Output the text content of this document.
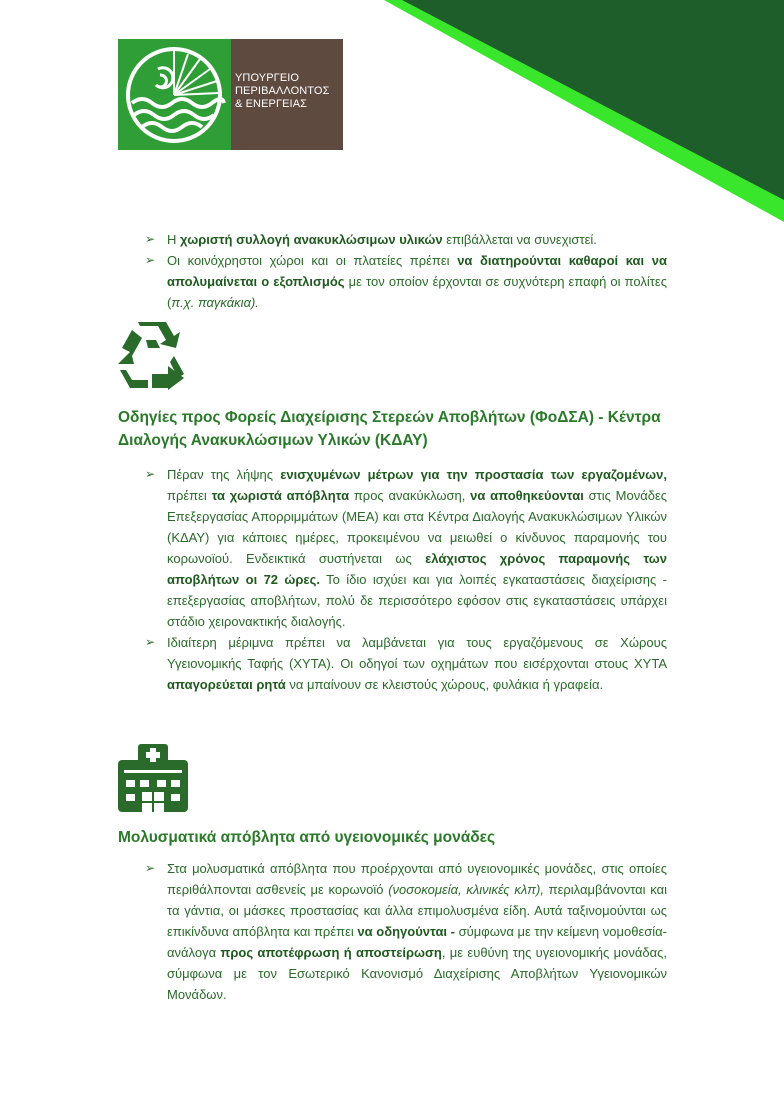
ΥΠΟΥΡΓΕΙΟ
ΠΕΡΙΒΑΛΛΟΝΤΟΣ
& ΕΝΕΡΓΕΙΑΣ
➢ Η χωριστή συλλογή ανακυκλώσιμων υλικών επιβάλλεται να συνεχιστεί.
➢ Οι κοινόχρηστοι χώροι και οι πλατείες πρέπει να διατηρούνται καθαροί και να απολυμαίνεται ο εξοπλισμός με τον οποίον έρχονται σε συχνότερη επαφή οι πολίτες (π.χ. παγκάκια).
Οδηγίες προς Φορείς Διαχείρισης Στερεών Αποβλήτων (ΦοΔΣΑ) - Κέντρα Διαλογής Ανακυκλώσιμων Υλικών (ΚΔΑΥ)
➢ Πέραν της λήψης ενισχυμένων μέτρων για την προστασία των εργαζομένων, πρέπει τα χωριστά απόβλητα προς ανακύκλωση, να αποθηκεύονται στις Μονάδες Επεξεργασίας Απορριμμάτων (ΜΕΑ) και στα Κέντρα Διαλογής Ανακυκλώσιμων Υλικών (ΚΔΑΥ) για κάποιες ημέρες, προκειμένου να μειωθεί ο κίνδυνος παραμονής του κορωνοϊού. Ενδεικτικά συστήνεται ως ελάχιστος χρόνος παραμονής των αποβλήτων οι 72 ώρες. Το ίδιο ισχύει και για λοιπές εγκαταστάσεις διαχείρισης - επεξεργασίας αποβλήτων, πολύ δε περισσότερο εφόσον στις εγκαταστάσεις υπάρχει στάδιο χειρονακτικής διαλογής.
➢ Ιδιαίτερη μέριμνα πρέπει να λαμβάνεται για τους εργαζόμενους σε Χώρους Υγειονομικής Ταφής (ΧΥΤΑ). Οι οδηγοί των οχημάτων που εισέρχονται στους ΧΥΤΑ απαγορεύεται ρητά να μπαίνουν σε κλειστούς χώρους, φυλάκια ή γραφεία.
Μολυσματικά απόβλητα από υγειονομικές μονάδες
➢ Στα μολυσματικά απόβλητα που προέρχονται από υγειονομικές μονάδες, στις οποίες περιθάλπονται ασθενείς με κορωνοϊό (νοσοκομεία, κλινικές κλπ), περιλαμβάνονται και τα γάντια, οι μάσκες προστασίας και άλλα επιμολυσμένα είδη. Αυτά ταξινομούνται ως επικίνδυνα απόβλητα και πρέπει να οδηγούνται - σύμφωνα με την κείμενη νομοθεσία- ανάλογα προς αποτέφρωση ή αποστείρωση, με ευθύνη της υγειονομικής μονάδας, σύμφωνα με τον Εσωτερικό Κανονισμό Διαχείρισης Αποβλήτων Υγειονομικών Μονάδων.
